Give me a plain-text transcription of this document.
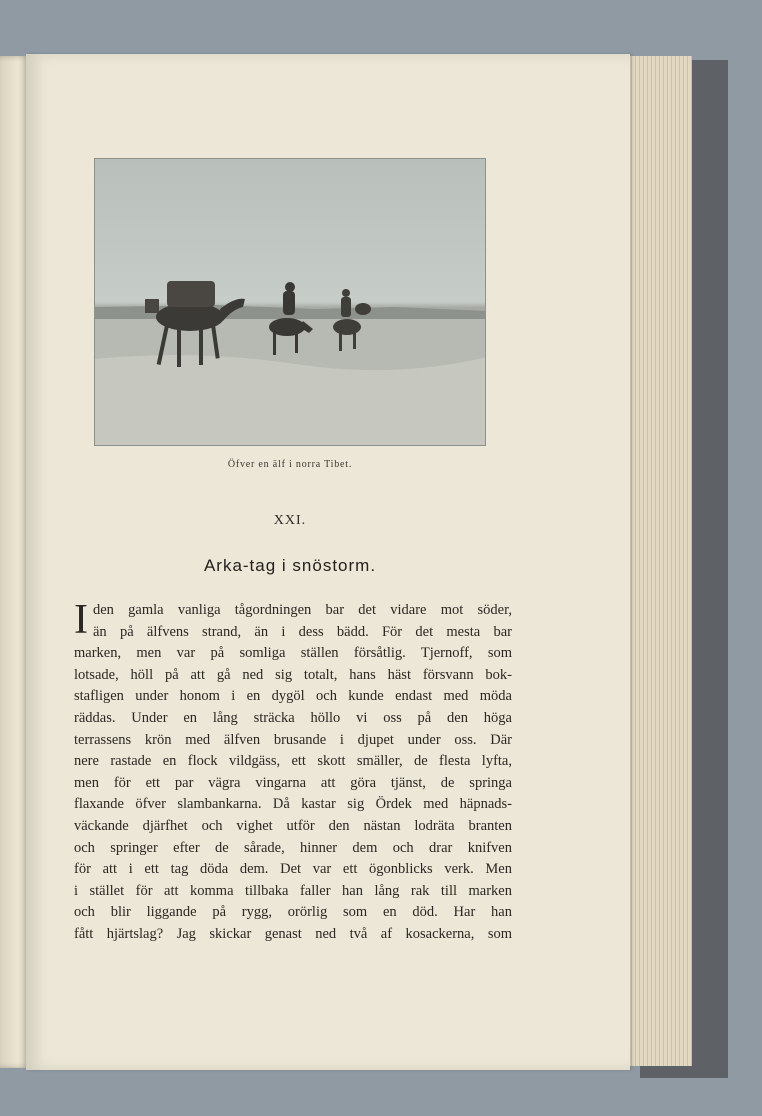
Öfver en älf i norra Tibet.
XXI.
Arka-tag i snöstorm.
I den gamla vanliga tågordningen bar det vidare mot söder,
än på älfvens strand, än i dess bädd. För det mesta bar
marken, men var på somliga ställen försåtlig. Tjernoff, som
lotsade, höll på att gå ned sig totalt, hans häst försvann bok-
stafligen under honom i en dygöl och kunde endast med möda
räddas. Under en lång sträcka höllo vi oss på den höga
terrassens krön med älfven brusande i djupet under oss. Där
nere rastade en flock vildgäss, ett skott smäller, de flesta lyfta,
men för ett par vägra vingarna att göra tjänst, de springa
flaxande öfver slambankarna. Då kastar sig Ördek med häpnads-
väckande djärfhet och vighet utför den nästan lodräta branten
och springer efter de sårade, hinner dem och drar knifven
för att i ett tag döda dem. Det var ett ögonblicks verk. Men
i stället för att komma tillbaka faller han lång rak till marken
och blir liggande på rygg, orörlig som en död. Har han
fått hjärtslag? Jag skickar genast ned två af kosackerna, som
